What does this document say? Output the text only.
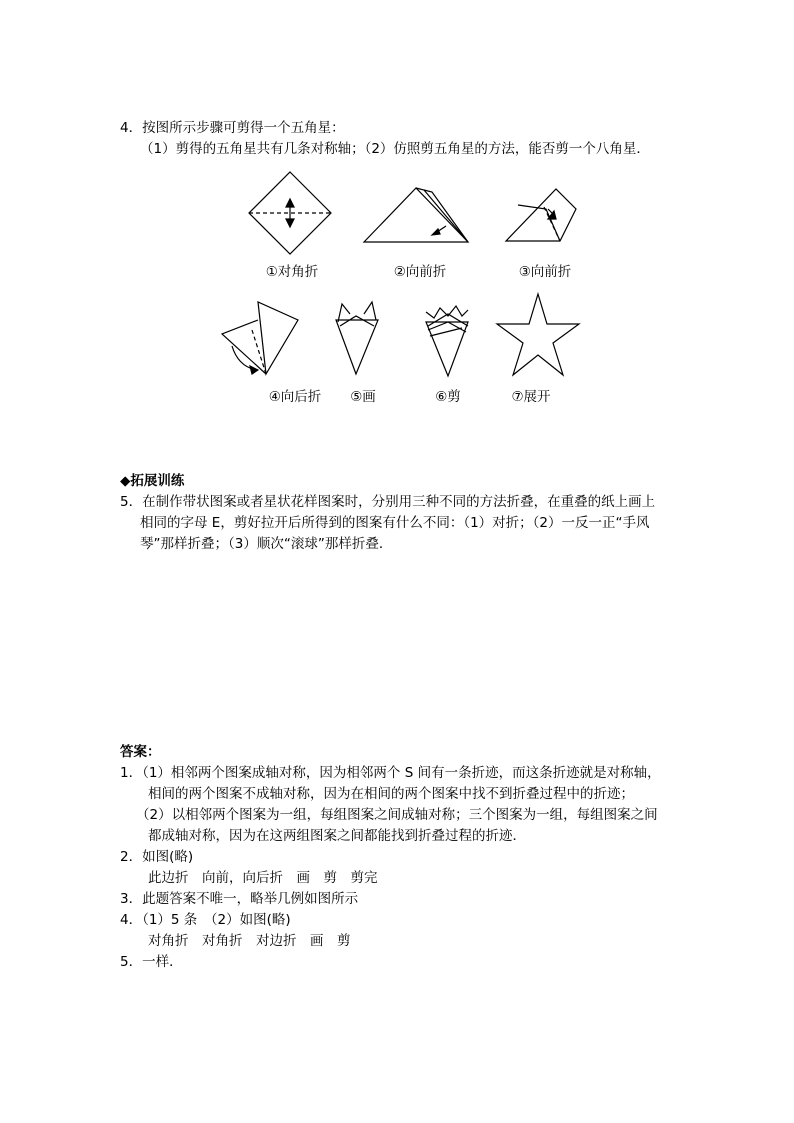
4．按图所示步骤可剪得一个五角星：
（1）剪得的五角星共有几条对称轴；（2）仿照剪五角星的方法，能否剪一个八角星．
①对角折	②向前折	③向前折
④向后折	⑤画	⑥剪	⑦展开
◆拓展训练
5．在制作带状图案或者星状花样图案时，分别用三种不同的方法折叠，在重叠的纸上画上
相同的字母 E，剪好拉开后所得到的图案有什么不同：（1）对折；（2）一反一正“手风
琴”那样折叠；（3）顺次“滚球”那样折叠．
答案：
1．（1）相邻两个图案成轴对称，因为相邻两个 S 间有一条折迹，而这条折迹就是对称轴，
相间的两个图案不成轴对称，因为在相间的两个图案中找不到折叠过程中的折迹；
（2）以相邻两个图案为一组，每组图案之间成轴对称；三个图案为一组，每组图案之间
都成轴对称，因为在这两组图案之间都能找到折叠过程的折迹．
2．如图(略)
此边折　向前，向后折　画　剪　剪完
3．此题答案不唯一，略举几例如图所示
4．（1）5 条　（2）如图(略)
对角折　对角折　对边折　画　剪
5．一样．
